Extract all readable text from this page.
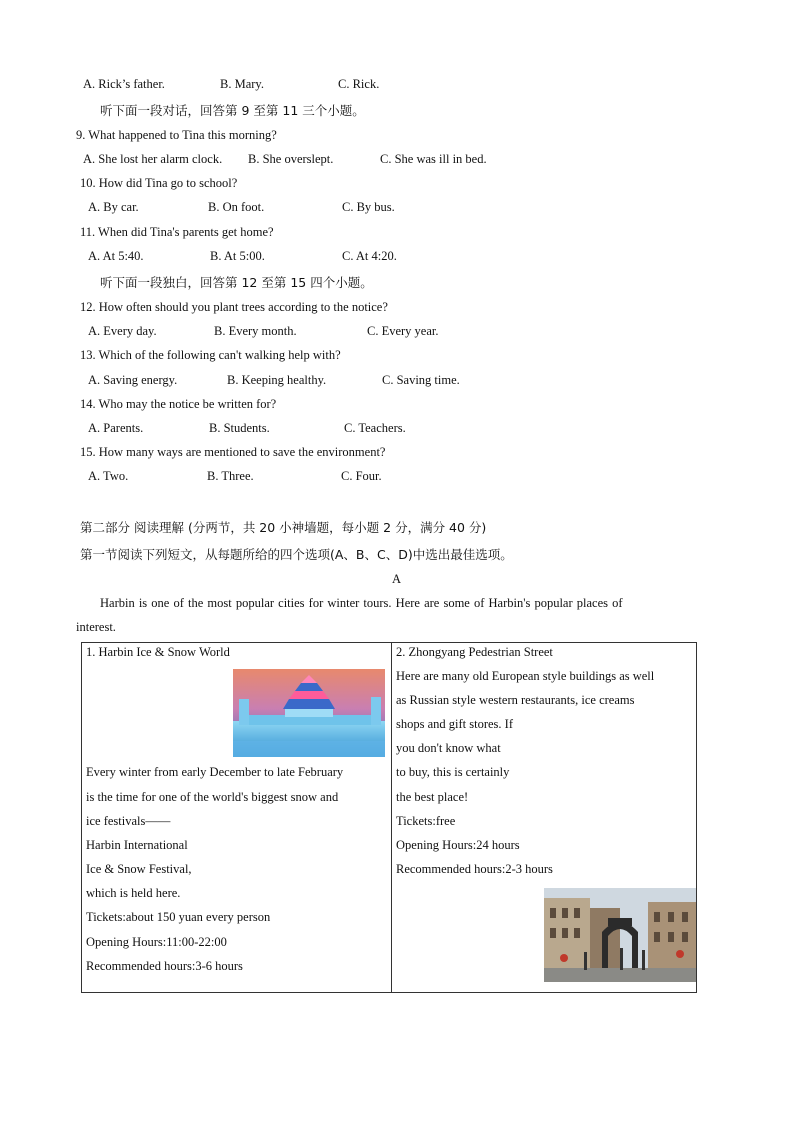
A. Rick’s father.	B. Mary.	C. Rick.
听下面一段对话，回答第 9 至第 11 三个小题。
9. What happened to Tina this morning?
A. She lost her alarm clock. B. She overslept.	C. She was ill in bed.
10. How did Tina go to school?
A. By car.	B. On foot.	C. By bus.
11. When did Tina's parents get home?
A. At 5:40.	B. At 5:00.	C. At 4:20.
听下面一段独白，回答第 12 至第 15 四个小题。
12. How often should you plant trees according to the notice?
A. Every day.	B. Every month.	C. Every year.
13. Which of the following can't walking help with?
A. Saving energy.	B. Keeping healthy.	C. Saving time.
14. Who may the notice be written for?
A. Parents.	B. Students.	C. Teachers.
15. How many ways are mentioned to save the environment?
A. Two.	B. Three.	C. Four.
第二部分 阅读理解 (分两节，共 20 小神墙题，每小题 2 分，满分 40 分)
第一节阅读下列短文，从每题所给的四个选项(A、B、C、D)中选出最佳选项。
A
Harbin is one of the most popular cities for winter tours. Here are some of Harbin's popular places of
interest.
1. Harbin Ice & Snow World
Every winter from early December to late February
is the time for one of the world's biggest snow and
ice festivals——
Harbin International
Ice & Snow Festival,
which is held here.
Tickets:about 150 yuan every person
Opening Hours:11:00-22:00
Recommended hours:3-6 hours

2. Zhongyang Pedestrian Street
Here are many old European style buildings as well
as Russian style western restaurants, ice creams
shops and gift stores. If
you don't know what
to buy, this is certainly
the best place!
Tickets:free
Opening Hours:24 hours
Recommended hours:2-3 hours
